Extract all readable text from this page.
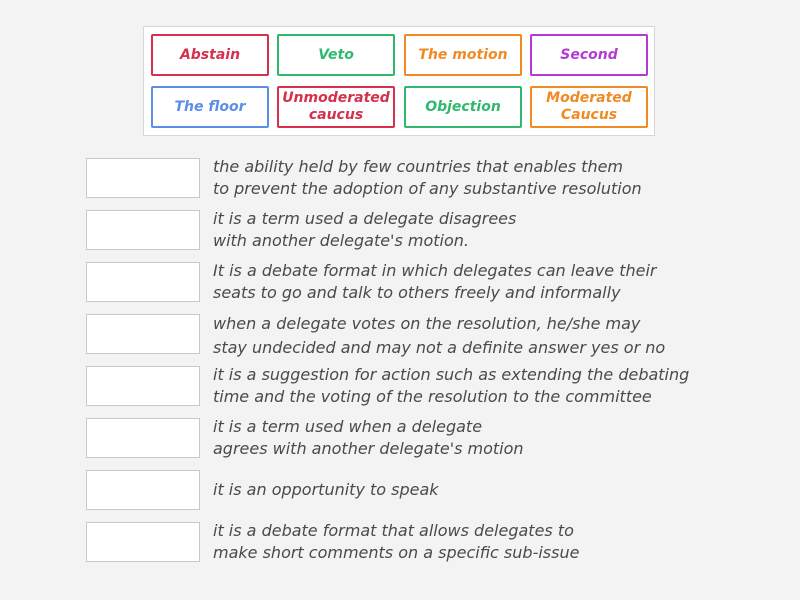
Abstain	Veto	The motion	Second
The floor
Unmoderated caucus
Objection
Moderated Caucus
the ability held by few countries that enables them
to prevent the adoption of any substantive resolution
it is a term used a delegate disagrees
with another delegate's motion.
It is a debate format in which delegates can leave their
seats to go and talk to others freely and informally
when a delegate votes on the resolution, he/she may
stay undecided and may not a definite answer yes or no
it is a suggestion for action such as extending the debating
time and the voting of the resolution to the committee
it is a term used when a delegate
agrees with another delegate's motion
it is an opportunity to speak
it is a debate format that allows delegates to
make short comments on a specific sub-issue
